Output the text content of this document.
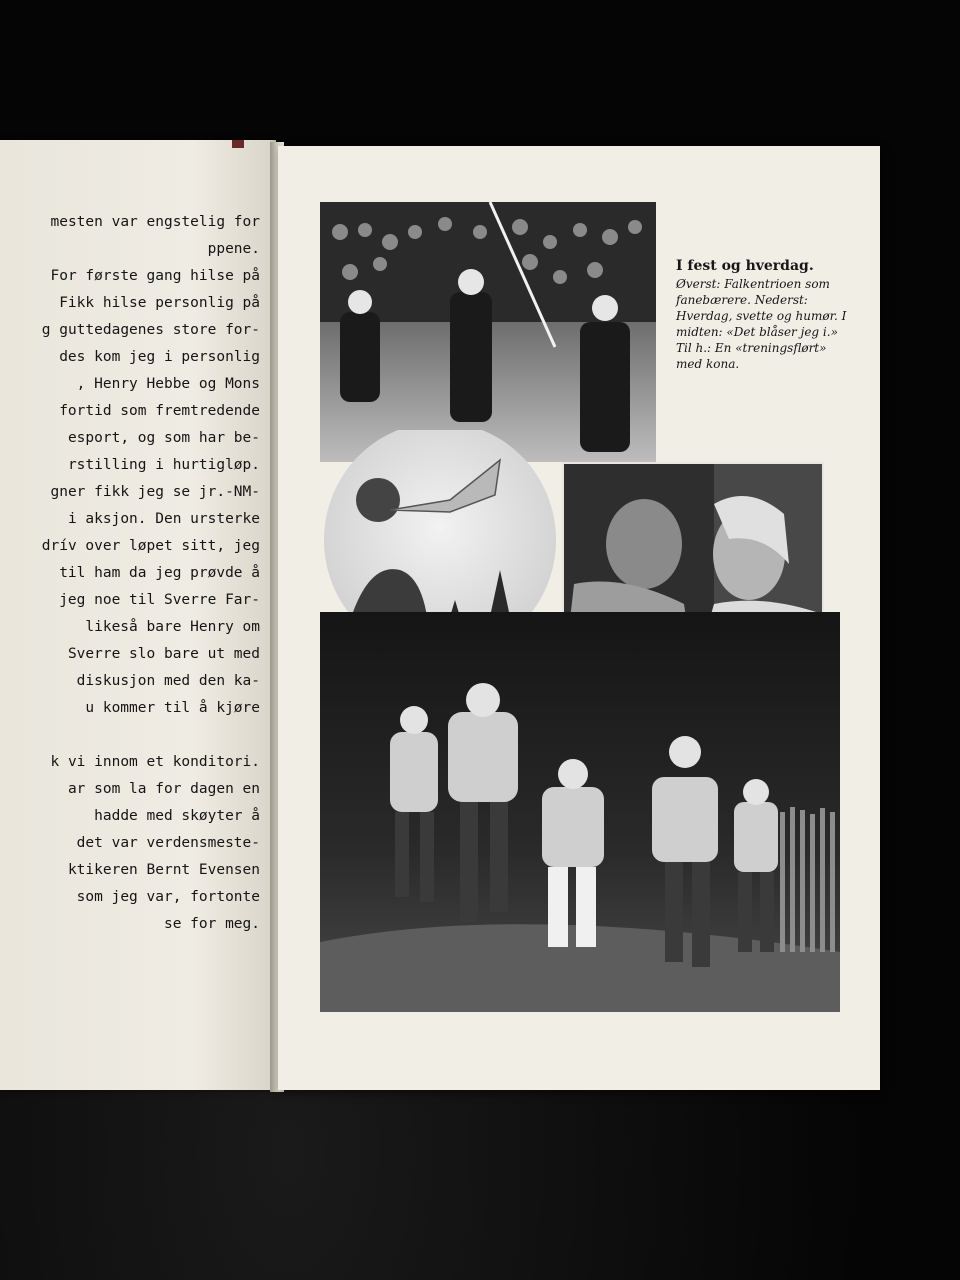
mesten var engstelig for
ppene.
For første gang hilse på
Fikk hilse personlig på
g guttedagenes store for-
des kom jeg i personlig
, Henry Hebbe og Mons
fortid som fremtredende
esport, og som har be-
rstilling i hurtigløp.
gner fikk jeg se jr.-NM-
i aksjon. Den ursterke
drív over løpet sitt, jeg
til ham da jeg prøvde å
jeg noe til Sverre Far-
likeså bare Henry om
Sverre slo bare ut med
diskusjon med den ka-
u kommer til å kjøre
k vi innom et konditori.
ar som la for dagen en
hadde med skøyter å
det var verdensmeste-
ktikeren Bernt Evensen
som jeg var, fortonte
se for meg.
I fest og hverdag.
Øverst: Falkentrioen som fanebærere. Nederst: Hverdag, svette og humør. I midten: «Det blåser jeg i.» Til h.: En «treningsflørt» med kona.
